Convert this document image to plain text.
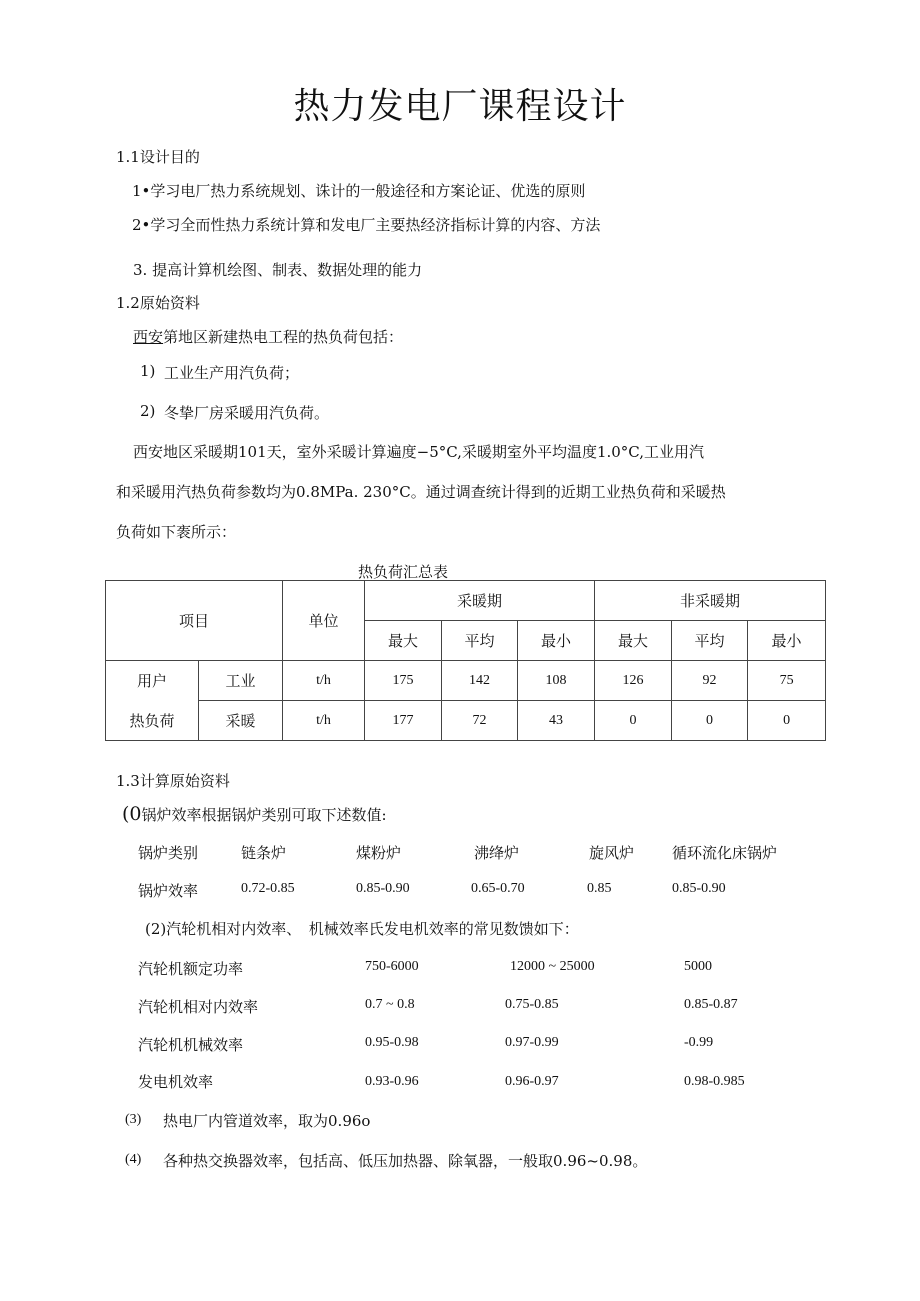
热力发电厂课程设计
1.1设计目的
1•学习电厂热力系统规划、诛计的一般途径和方案论证、优选的原则
2•学习全而性热力系统计算和发电厂主要热经济指标计算的内容、方法
3. 提高计算机绘图、制表、数据处理的能力
1.2原始资料
西安第地区新建热电工程的热负荷包括：
1) 工业生产用汽负荷；
2) 冬挚厂房采暖用汽负荷。
西安地区采暖期101天，室外采暖计算遍度−5°C,采暖期室外平均温度1.0°C,工业用汽
和采暖用汽热负荷参数均为0.8MPa. 230°C。通过调查统计得到的近期工业热负荷和采暖热
负荷如下袠所示：
热负荷汇总表
项目		单位	采暖期			非采暖期		
			最大	平均	最小	最大	平均	最小
用户	工业	t/h	175	142	108	126	92	75
热负荷	采暖	t/h	177	72	43	0	0	0
1.3计算原始资料
(0锅炉效率根据锅炉类别可取下述数值:
锅炉类别	链条炉	煤粉炉	沸绛炉	旋风炉	循环流化床锅炉
锅炉效率	0.72-0.85	0.85-0.90	0.65-0.70	0.85	0.85-0.90
(2)汽轮机相对内效率、　机械效率氏发电机效率的常见数馈如下：
汽轮机额定功率	750-6000	12000 ~ 25000	5000
汽轮机相对内效率	0.7 ~ 0.8	0.75-0.85	0.85-0.87
汽轮机机械效率	0.95-0.98	0.97-0.99	-0.99
发电机效率	0.93-0.96	0.96-0.97	0.98-0.985
(3) 热电厂内管道效率，取为0.96o
(4) 各种热交换器效率，包括高、低压加热器、除氧器，一般取0.96~0.98。
